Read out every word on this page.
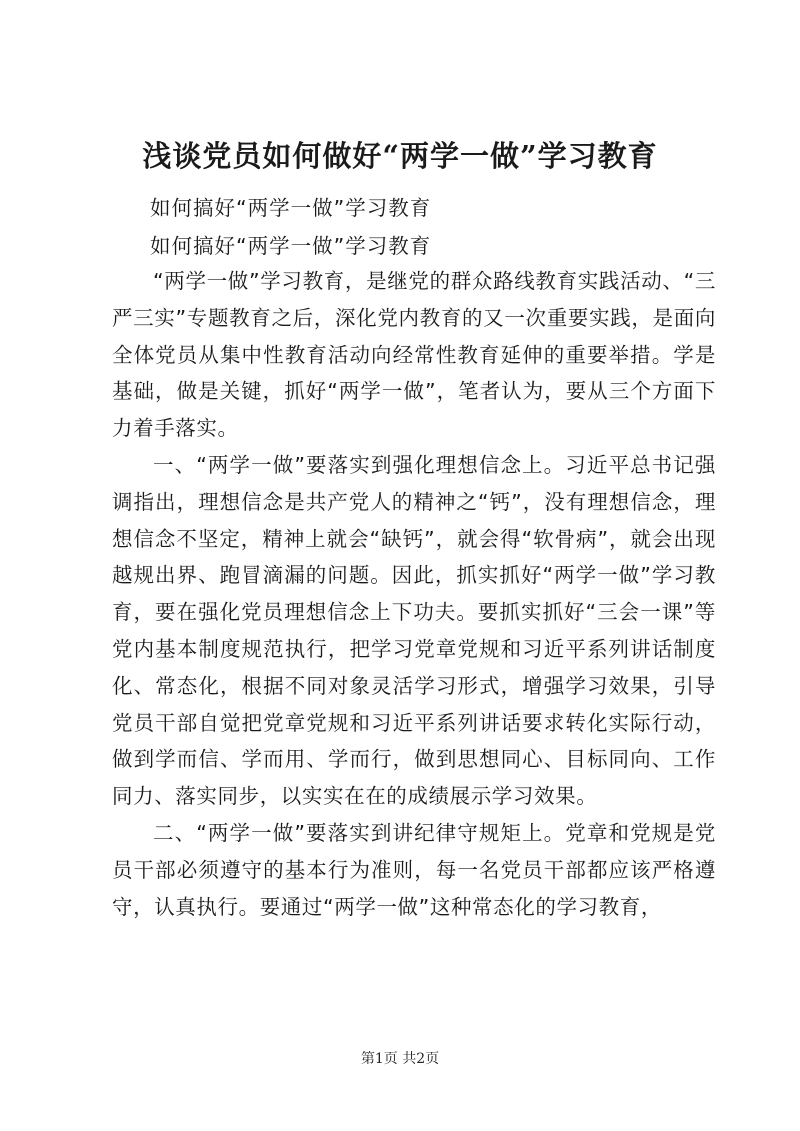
浅谈党员如何做好“两学一做”学习教育
如何搞好“两学一做”学习教育
如何搞好“两学一做”学习教育

“两学一做”学习教育，是继党的群众路线教育实践活动、“三严三实”专题教育之后，深化党内教育的又一次重要实践，是面向全体党员从集中性教育活动向经常性教育延伸的重要举措。学是基础，做是关键，抓好“两学一做”，笔者认为，要从三个方面下力着手落实。

一、“两学一做”要落实到强化理想信念上。习近平总书记强调指出，理想信念是共产党人的精神之“钙”，没有理想信念，理想信念不坚定，精神上就会“缺钙”，就会得“软骨病”，就会出现越规出界、跑冒滴漏的问题。因此，抓实抓好“两学一做”学习教育，要在强化党员理想信念上下功夫。要抓实抓好“三会一课”等党内基本制度规范执行，把学习党章党规和习近平系列讲话制度化、常态化，根据不同对象灵活学习形式，增强学习效果，引导党员干部自觉把党章党规和习近平系列讲话要求转化实际行动，做到学而信、学而用、学而行，做到思想同心、目标同向、工作同力、落实同步，以实实在在的成绩展示学习效果。

二、“两学一做”要落实到讲纪律守规矩上。党章和党规是党员干部必须遵守的基本行为准则，每一名党员干部都应该严格遵守，认真执行。要通过“两学一做”这种常态化的学习教育，

第1页 共2页
